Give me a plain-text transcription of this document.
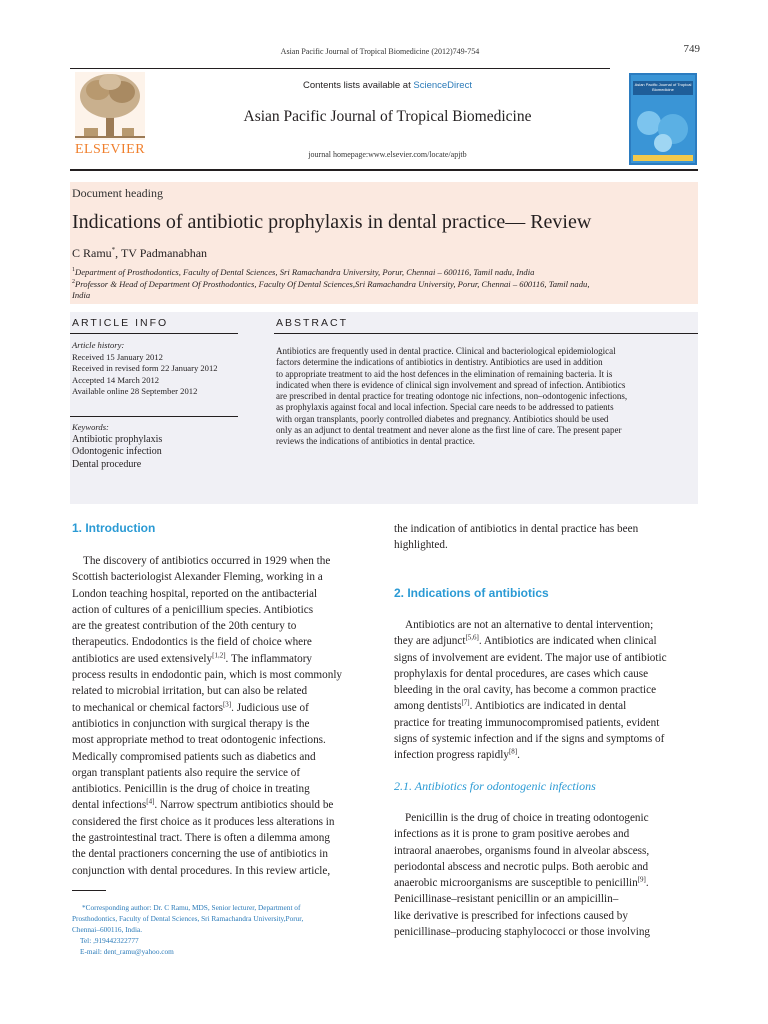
Asian Pacific Journal of Tropical Biomedicine (2012)749-754	749
ELSEVIER
Contents lists available at ScienceDirect
Asian Pacific Journal of Tropical Biomedicine
journal homepage:www.elsevier.com/locate/apjtb
Asian Pacific Journal of Tropical Biomedicine
Document heading
Indications of antibiotic prophylaxis in dental practice— Review
C Ramu*, TV Padmanabhan
$^1$Department of Prosthodontics, Faculty of Dental Sciences, Sri Ramachandra University, Porur, Chennai – 600116, Tamil nadu, India
$^2$Professor & Head of Department Of Prosthodontics, Faculty Of Dental Sciences,Sri Ramachandra University, Porur, Chennai – 600116, Tamil nadu,
India
ARTICLE INFO	ABSTRACT
Article history:
Received 15 January 2012
Received in revised form 22 January 2012
Accepted 14 March 2012
Available online 28 September 2012
Keywords:
Antibiotic prophylaxis
Odontogenic infection
Dental procedure
Antibiotics are frequently used in dental practice. Clinical and bacteriological epidemiological
factors determine the indications of antibiotics in dentistry. Antibiotics are used in addition
to appropriate treatment to aid the host defences in the elimination of remaining bacteria. It is
indicated when there is evidence of clinical sign involvement and spread of infection. Antibiotics
are prescribed in dental practice for treating odontoge nic infections, non–odontogenic infections,
as prophylaxis against focal and local infection. Special care needs to be addressed to patients
with organ transplants, poorly controlled diabetes and pregnancy. Antibiotics should be used
only as an adjunct to dental treatment and never alone as the first line of care. The present paper
reviews the indications of antibiotics in dental practice.
1. Introduction
The discovery of antibiotics occurred in 1929 when the
Scottish bacteriologist Alexander Fleming, working in a
London teaching hospital, reported on the antibacterial
action of cultures of a penicillium species. Antibiotics
are the greatest contribution of the 20th century to
therapeutics. Endodontics is the field of choice where
antibiotics are used extensively[1,2]. The inflammatory
process results in endodontic pain, which is most commonly
related to microbial irritation, but can also be related
to mechanical or chemical factors[3]. Judicious use of
antibiotics in conjunction with surgical therapy is the
most appropriate method to treat odontogenic infections.
Medically compromised patients such as diabetics and
organ transplant patients also require the service of
antibiotics. Penicillin is the drug of choice in treating
dental infections[4]. Narrow spectrum antibiotics should be
considered the first choice as it produces less alterations in
the gastrointestinal tract. There is often a dilemma among
the dental practioners concerning the use of antibiotics in
conjunction with dental procedures. In this review article,
*Corresponding author: Dr. C Ramu, MDS, Senior lecturer, Department of
Prosthodontics, Faculty of Dental Sciences, Sri Ramachandra University,Porur,
Chennai–600116, India.
Tel: ,919442322777
E-mail: dent_ramu@yahoo.com
the indication of antibiotics in dental practice has been
highlighted.
2. Indications of antibiotics
Antibiotics are not an alternative to dental intervention;
they are adjunct[5,6]. Antibiotics are indicated when clinical
signs of involvement are evident. The major use of antibiotic
prophylaxis for dental procedures, are cases which cause
bleeding in the oral cavity, has become a common practice
among dentists[7]. Antibiotics are indicated in dental
practice for treating immunocompromised patients, evident
signs of systemic infection and if the signs and symptoms of
infection progress rapidly[8].
2.1. Antibiotics for odontogenic infections
Penicillin is the drug of choice in treating odontogenic
infections as it is prone to gram positive aerobes and
intraoral anaerobes, organisms found in alveolar abscess,
periodontal abscess and necrotic pulps. Both aerobic and
anaerobic microorganisms are susceptible to penicillin[9].
Penicillinase–resistant penicillin or an ampicillin–
like derivative is prescribed for infections caused by
penicillinase–producing staphylococci or those involving
